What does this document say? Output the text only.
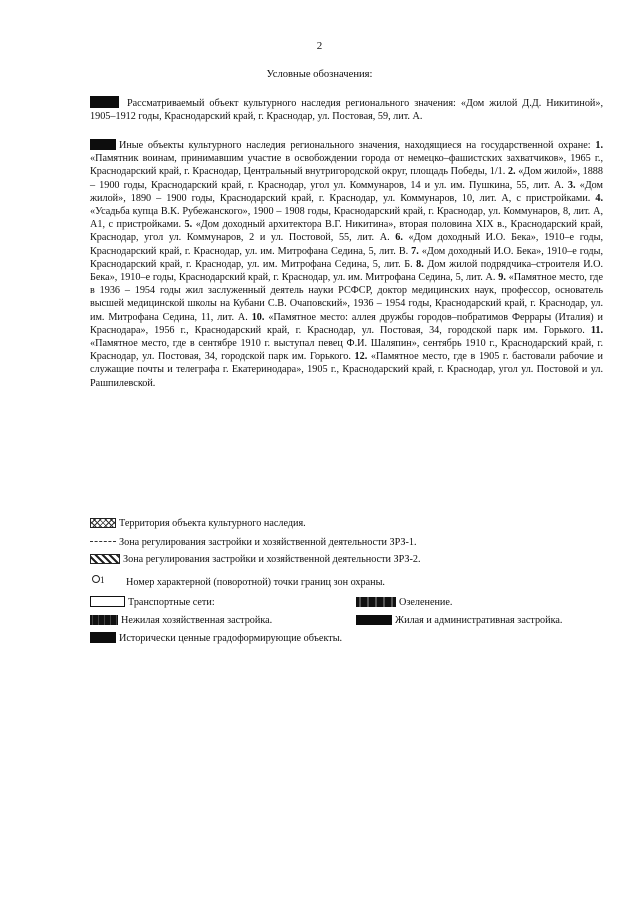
2
Условные обозначения:

Рассматриваемый объект культурного наследия регионального значения: «Дом жилой Д.Д. Никитиной», 1905–1912 годы, Краснодарский край, г. Краснодар, ул. Постовая, 59, лит. А.

Иные объекты культурного наследия регионального значения, находящиеся на государственной охране: 1. «Памятник воинам, принимавшим участие в освобождении города от немецко–фашистских захватчиков», 1965 г., Краснодарский край, г. Краснодар, Центральный внутригородской округ, площадь Победы, 1/1. 2. «Дом жилой», 1888 – 1900 годы, Краснодарский край, г. Краснодар, угол ул. Коммунаров, 14 и ул. им. Пушкина, 55, лит. А. 3. «Дом жилой», 1890 – 1900 годы, Краснодарский край, г. Краснодар, ул. Коммунаров, 10, лит. А, с пристройками. 4. «Усадьба купца В.К. Рубежанского», 1900 – 1908 годы, Краснодарский край, г. Краснодар, ул. Коммунаров, 8, лит. А, А1, с пристройками. 5. «Дом доходный архитектора В.Г. Никитина», вторая половина XIX в., Краснодарский край, Краснодар, угол ул. Коммунаров, 2 и ул. Постовой, 55, лит. А. 6. «Дом доходный И.О. Бека», 1910–е годы, Краснодарский край, г. Краснодар, ул. им. Митрофана Седина, 5, лит. В. 7. «Дом доходный И.О. Бека», 1910–е годы, Краснодарский край, г. Краснодар, ул. им. Митрофана Седина, 5, лит. Б. 8. Дом жилой подрядчика–строителя И.О. Бека», 1910–е годы, Краснодарский край, г. Краснодар, ул. им. Митрофана Седина, 5, лит. А. 9. «Памятное место, где в 1936 – 1954 годы жил заслуженный деятель науки РСФСР, доктор медицинских наук, профессор, основатель высшей медицинской школы на Кубани С.В. Очаповский», 1936 – 1954 годы, Краснодарский край, г. Краснодар, ул. им. Митрофана Седина, 11, лит. А. 10. «Памятное место: аллея дружбы городов–побратимов Феррары (Италия) и Краснодара», 1956 г., Краснодарский край, г. Краснодар, ул. Постовая, 34, городской парк им. Горького. 11. «Памятное место, где в сентябре 1910 г. выступал певец Ф.И. Шаляпин», сентябрь 1910 г., Краснодарский край, г. Краснодар, ул. Постовая, 34, городской парк им. Горького. 12. «Памятное место, где в 1905 г. бастовали рабочие и служащие почты и телеграфа г. Екатеринодара», 1905 г., Краснодарский край, г. Краснодар, угол ул. Постовой и ул. Рашпилевской.

Территория объекта культурного наследия.
Зона регулирования застройки и хозяйственной деятельности ЗРЗ-1.
Зона регулирования застройки и хозяйственной деятельности ЗРЗ-2.
1 Номер характерной (поворотной) точки границ зон охраны.
Транспортные сети:	Озеленение.
Нежилая хозяйственная застройка.	Жилая и административная застройка.
Исторически ценные градоформирующие объекты.
